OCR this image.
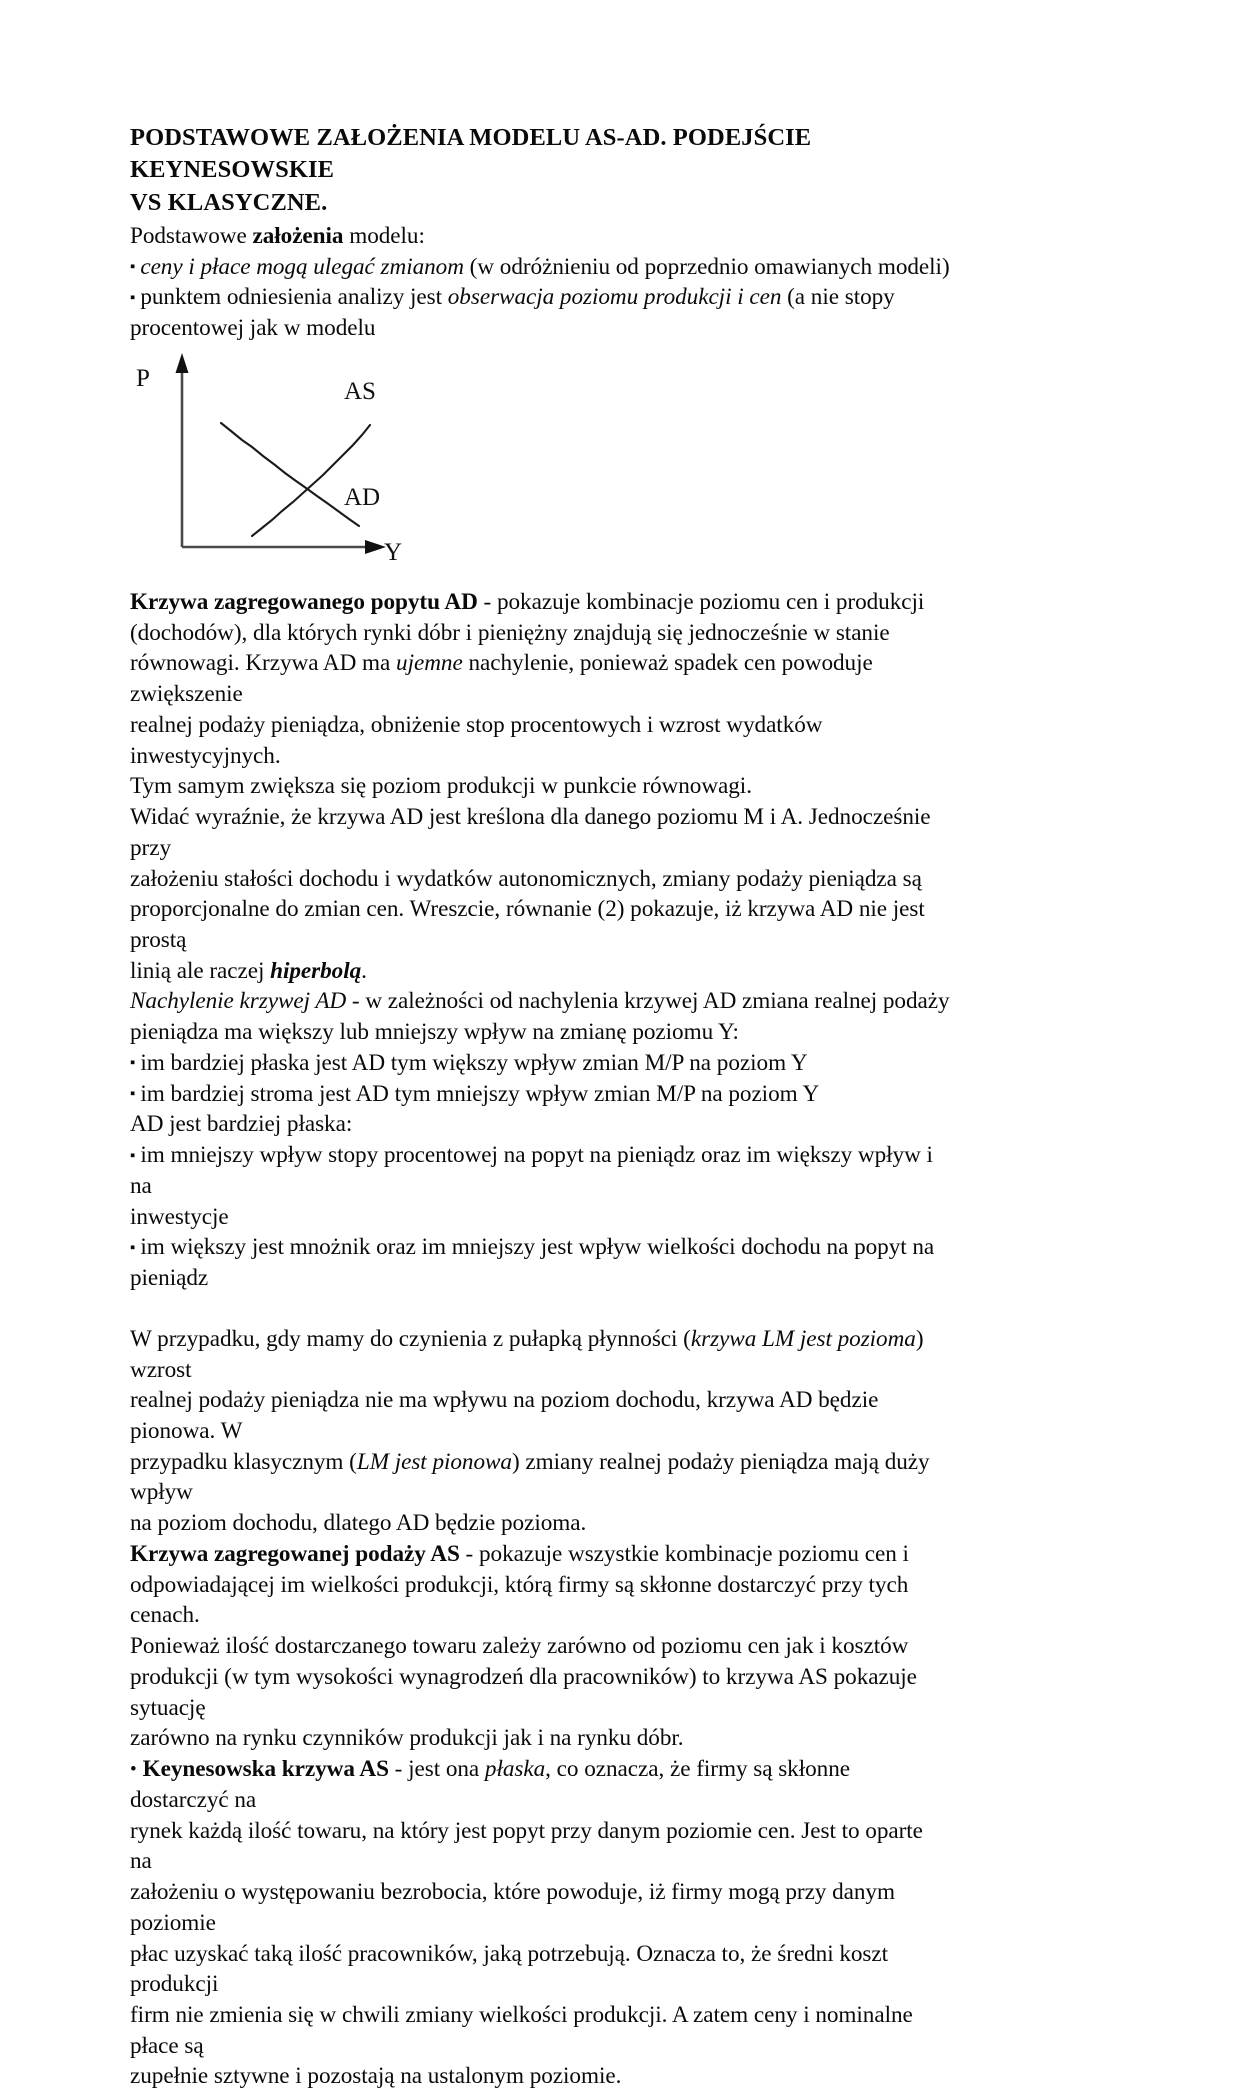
PODSTAWOWE ZAŁOŻENIA MODELU AS-AD. PODEJŚCIE KEYNESOWSKIE
VS KLASYCZNE.

Podstawowe założenia modelu:

▪ ceny i płace mogą ulegać zmianom (w odróżnieniu od poprzednio omawianych modeli)

▪ punktem odniesienia analizy jest obserwacja poziomu produkcji i cen (a nie stopy

procentowej jak w modelu

P
Y
AS
AD

Krzywa zagregowanego popytu AD - pokazuje kombinacje poziomu cen i produkcji

(dochodów), dla których rynki dóbr i pieniężny znajdują się jednocześnie w stanie

równowagi. Krzywa AD ma ujemne nachylenie, ponieważ spadek cen powoduje zwiększenie

realnej podaży pieniądza, obniżenie stop procentowych i wzrost wydatków inwestycyjnych.

Tym samym zwiększa się poziom produkcji w punkcie równowagi.

Widać wyraźnie, że krzywa AD jest kreślona dla danego poziomu M i A. Jednocześnie przy

założeniu stałości dochodu i wydatków autonomicznych, zmiany podaży pieniądza są

proporcjonalne do zmian cen. Wreszcie, równanie (2) pokazuje, iż krzywa AD nie jest prostą

linią ale raczej hiperbolą.

Nachylenie krzywej AD - w zależności od nachylenia krzywej AD zmiana realnej podaży

pieniądza ma większy lub mniejszy wpływ na zmianę poziomu Y:

▪ im bardziej płaska jest AD tym większy wpływ zmian M/P na poziom Y

▪ im bardziej stroma jest AD tym mniejszy wpływ zmian M/P na poziom Y

AD jest bardziej płaska:

▪ im mniejszy wpływ stopy procentowej na popyt na pieniądz oraz im większy wpływ i na

inwestycje

▪ im większy jest mnożnik oraz im mniejszy jest wpływ wielkości dochodu na popyt na

pieniądz

W przypadku, gdy mamy do czynienia z pułapką płynności (krzywa LM jest pozioma) wzrost

realnej podaży pieniądza nie ma wpływu na poziom dochodu, krzywa AD będzie pionowa. W

przypadku klasycznym (LM jest pionowa) zmiany realnej podaży pieniądza mają duży wpływ

na poziom dochodu, dlatego AD będzie pozioma.

Krzywa zagregowanej podaży AS - pokazuje wszystkie kombinacje poziomu cen i

odpowiadającej im wielkości produkcji, którą firmy są skłonne dostarczyć przy tych cenach.

Ponieważ ilość dostarczanego towaru zależy zarówno od poziomu cen jak i kosztów

produkcji (w tym wysokości wynagrodzeń dla pracowników) to krzywa AS pokazuje sytuację

zarówno na rynku czynników produkcji jak i na rynku dóbr.

• Keynesowska krzywa AS - jest ona płaska, co oznacza, że firmy są skłonne dostarczyć na

rynek każdą ilość towaru, na który jest popyt przy danym poziomie cen. Jest to oparte na

założeniu o występowaniu bezrobocia, które powoduje, iż firmy mogą przy danym poziomie

płac uzyskać taką ilość pracowników, jaką potrzebują. Oznacza to, że średni koszt produkcji

firm nie zmienia się w chwili zmiany wielkości produkcji. A zatem ceny i nominalne płace są

zupełnie sztywne i pozostają na ustalonym poziomie.
